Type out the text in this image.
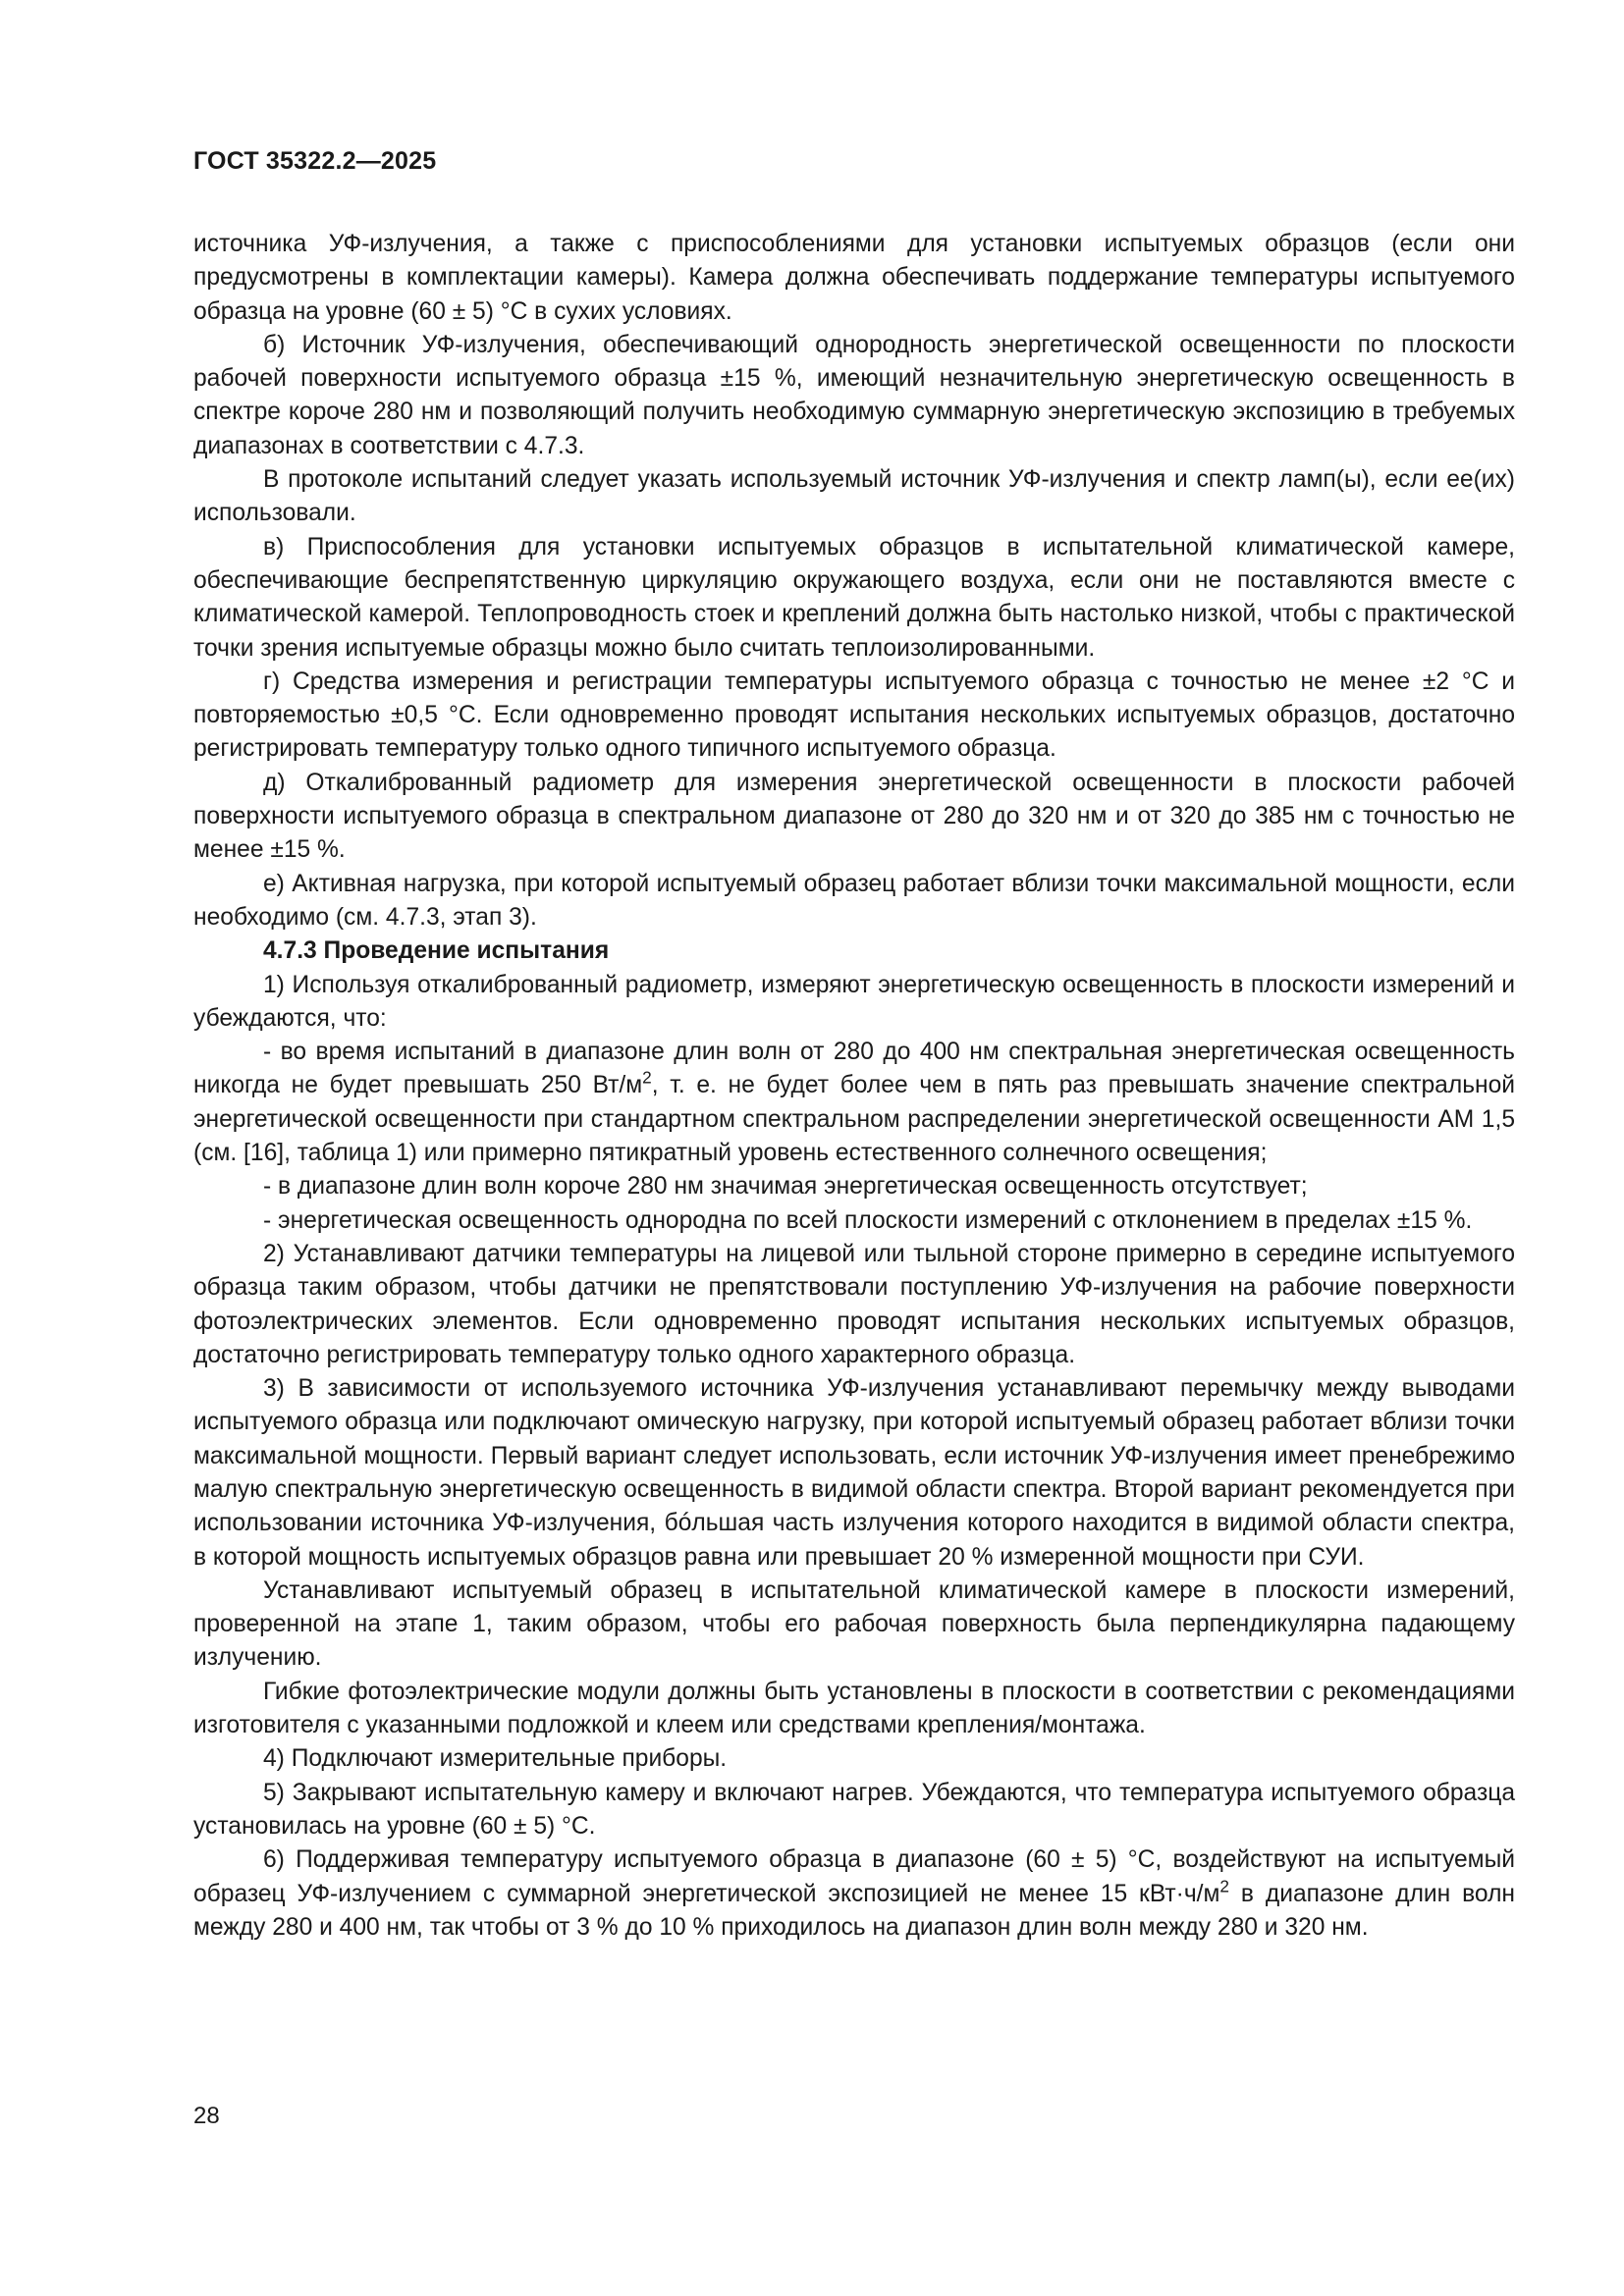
ГОСТ 35322.2—2025

источника УФ-излучения, а также с приспособлениями для установки испытуемых образцов (если они предусмотрены в комплектации камеры). Камера должна обеспечивать поддержание температуры испытуемого образца на уровне (60 ± 5) °С в сухих условиях.

б) Источник УФ-излучения, обеспечивающий однородность энергетической освещенности по плоскости рабочей поверхности испытуемого образца ±15 %, имеющий незначительную энергетическую освещенность в спектре короче 280 нм и позволяющий получить необходимую суммарную энергетическую экспозицию в требуемых диапазонах в соответствии с 4.7.3.

В протоколе испытаний следует указать используемый источник УФ-излучения и спектр ламп(ы), если ее(их) использовали.

в) Приспособления для установки испытуемых образцов в испытательной климатической камере, обеспечивающие беспрепятственную циркуляцию окружающего воздуха, если они не поставляются вместе с климатической камерой. Теплопроводность стоек и креплений должна быть настолько низкой, чтобы с практической точки зрения испытуемые образцы можно было считать теплоизолированными.

г) Средства измерения и регистрации температуры испытуемого образца с точностью не менее ±2 °С и повторяемостью ±0,5 °С. Если одновременно проводят испытания нескольких испытуемых образцов, достаточно регистрировать температуру только одного типичного испытуемого образца.

д) Откалиброванный радиометр для измерения энергетической освещенности в плоскости рабочей поверхности испытуемого образца в спектральном диапазоне от 280 до 320 нм и от 320 до 385 нм с точностью не менее ±15 %.

е) Активная нагрузка, при которой испытуемый образец работает вблизи точки максимальной мощности, если необходимо (см. 4.7.3, этап 3).

4.7.3 Проведение испытания

1) Используя откалиброванный радиометр, измеряют энергетическую освещенность в плоскости измерений и убеждаются, что:

- во время испытаний в диапазоне длин волн от 280 до 400 нм спектральная энергетическая освещенность никогда не будет превышать 250 $Вт/м^2$, т. е. не будет более чем в пять раз превышать значение спектральной энергетической освещенности при стандартном спектральном распределении энергетической освещенности АМ 1,5 (см. [16], таблица 1) или примерно пятикратный уровень естественного солнечного освещения;

- в диапазоне длин волн короче 280 нм значимая энергетическая освещенность отсутствует;

- энергетическая освещенность однородна по всей плоскости измерений с отклонением в пределах ±15 %.

2) Устанавливают датчики температуры на лицевой или тыльной стороне примерно в середине испытуемого образца таким образом, чтобы датчики не препятствовали поступлению УФ-излучения на рабочие поверхности фотоэлектрических элементов. Если одновременно проводят испытания нескольких испытуемых образцов, достаточно регистрировать температуру только одного характерного образца.

3) В зависимости от используемого источника УФ-излучения устанавливают перемычку между выводами испытуемого образца или подключают омическую нагрузку, при которой испытуемый образец работает вблизи точки максимальной мощности. Первый вариант следует использовать, если источник УФ-излучения имеет пренебрежимо малую спектральную энергетическую освещенность в видимой области спектра. Второй вариант рекомендуется при использовании источника УФ-излучения, бóльшая часть излучения которого находится в видимой области спектра, в которой мощность испытуемых образцов равна или превышает 20 % измеренной мощности при СУИ.

Устанавливают испытуемый образец в испытательной климатической камере в плоскости измерений, проверенной на этапе 1, таким образом, чтобы его рабочая поверхность была перпендикулярна падающему излучению.

Гибкие фотоэлектрические модули должны быть установлены в плоскости в соответствии с рекомендациями изготовителя с указанными подложкой и клеем или средствами крепления/монтажа.

4) Подключают измерительные приборы.

5) Закрывают испытательную камеру и включают нагрев. Убеждаются, что температура испытуемого образца установилась на уровне (60 ± 5) °С.

6) Поддерживая температуру испытуемого образца в диапазоне (60 ± 5) °С, воздействуют на испытуемый образец УФ-излучением с суммарной энергетической экспозицией не менее 15 $кВт\cdot ч/м^2$ в диапазоне длин волн между 280 и 400 нм, так чтобы от 3 % до 10 % приходилось на диапазон длин волн между 280 и 320 нм.

28
